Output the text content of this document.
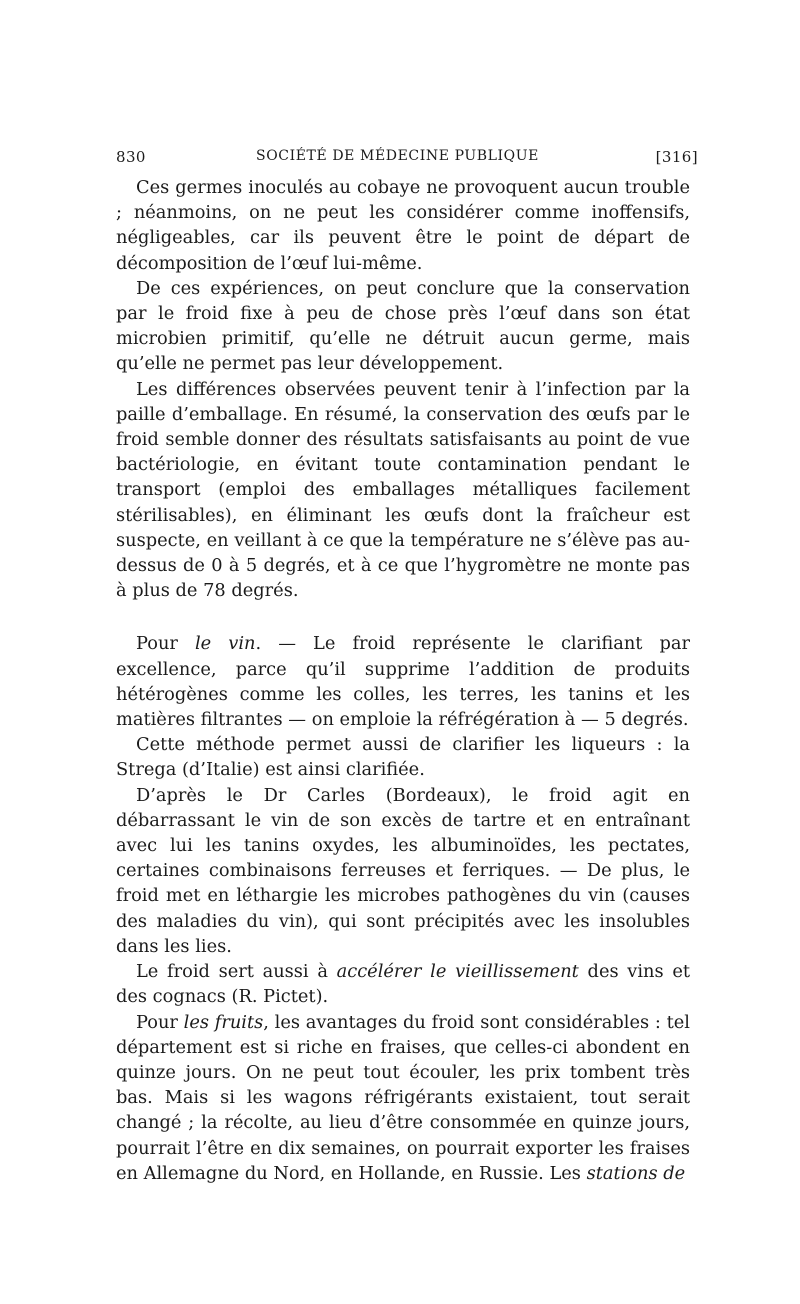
830	SOCIÉTÉ DE MÉDECINE PUBLIQUE	[316]

Ces germes inoculés au cobaye ne provoquent aucun trouble ; néanmoins, on ne peut les considérer comme inoffensifs, négligeables, car ils peuvent être le point de départ de décomposition de l’œuf lui-même.

De ces expériences, on peut conclure que la conservation par le froid fixe à peu de chose près l’œuf dans son état microbien primitif, qu’elle ne détruit aucun germe, mais qu’elle ne permet pas leur développement.

Les différences observées peuvent tenir à l’infection par la paille d’emballage. En résumé, la conservation des œufs par le froid semble donner des résultats satisfaisants au point de vue bactériologie, en évitant toute contamination pendant le transport (emploi des emballages métalliques facilement stérilisables), en éliminant les œufs dont la fraîcheur est suspecte, en veillant à ce que la température ne s’élève pas au-dessus de 0 à 5 degrés, et à ce que l’hygromètre ne monte pas à plus de 78 degrés.

Pour le vin. — Le froid représente le clarifiant par excellence, parce qu’il supprime l’addition de produits hétérogènes comme les colles, les terres, les tanins et les matières filtrantes — on emploie la réfrégération à — 5 degrés.

Cette méthode permet aussi de clarifier les liqueurs : la Strega (d’Italie) est ainsi clarifiée.

D’après le Dr Carles (Bordeaux), le froid agit en débarrassant le vin de son excès de tartre et en entraînant avec lui les tanins oxydes, les albuminoïdes, les pectates, certaines combinaisons ferreuses et ferriques. — De plus, le froid met en léthargie les microbes pathogènes du vin (causes des maladies du vin), qui sont précipités avec les insolubles dans les lies.

Le froid sert aussi à accélérer le vieillissement des vins et des cognacs (R. Pictet).

Pour les fruits, les avantages du froid sont considérables : tel département est si riche en fraises, que celles-ci abondent en quinze jours. On ne peut tout écouler, les prix tombent très bas. Mais si les wagons réfrigérants existaient, tout serait changé ; la récolte, au lieu d’être consommée en quinze jours, pourrait l’être en dix semaines, on pourrait exporter les fraises en Allemagne du Nord, en Hollande, en Russie. Les stations de
